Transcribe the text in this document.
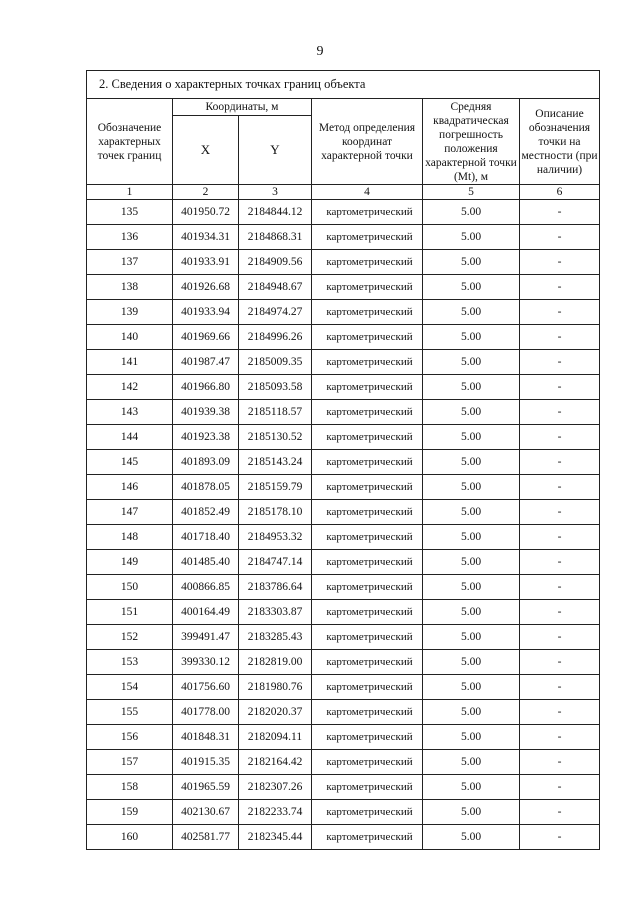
9
2. Сведения о характерных точках границ объекта					
Обозначение характерных точек границ	Координаты, м		Метод определения координат характерной точки	Средняя квадратическая погрешность положения характерной точки (Mt), м	Описание обозначения точки на местности (при наличии)
	X	Y			
1	2	3	4	5	6
135	401950.72	2184844.12	картометрический	5.00	-
136	401934.31	2184868.31	картометрический	5.00	-
137	401933.91	2184909.56	картометрический	5.00	-
138	401926.68	2184948.67	картометрический	5.00	-
139	401933.94	2184974.27	картометрический	5.00	-
140	401969.66	2184996.26	картометрический	5.00	-
141	401987.47	2185009.35	картометрический	5.00	-
142	401966.80	2185093.58	картометрический	5.00	-
143	401939.38	2185118.57	картометрический	5.00	-
144	401923.38	2185130.52	картометрический	5.00	-
145	401893.09	2185143.24	картометрический	5.00	-
146	401878.05	2185159.79	картометрический	5.00	-
147	401852.49	2185178.10	картометрический	5.00	-
148	401718.40	2184953.32	картометрический	5.00	-
149	401485.40	2184747.14	картометрический	5.00	-
150	400866.85	2183786.64	картометрический	5.00	-
151	400164.49	2183303.87	картометрический	5.00	-
152	399491.47	2183285.43	картометрический	5.00	-
153	399330.12	2182819.00	картометрический	5.00	-
154	401756.60	2181980.76	картометрический	5.00	-
155	401778.00	2182020.37	картометрический	5.00	-
156	401848.31	2182094.11	картометрический	5.00	-
157	401915.35	2182164.42	картометрический	5.00	-
158	401965.59	2182307.26	картометрический	5.00	-
159	402130.67	2182233.74	картометрический	5.00	-
160	402581.77	2182345.44	картометрический	5.00	-
